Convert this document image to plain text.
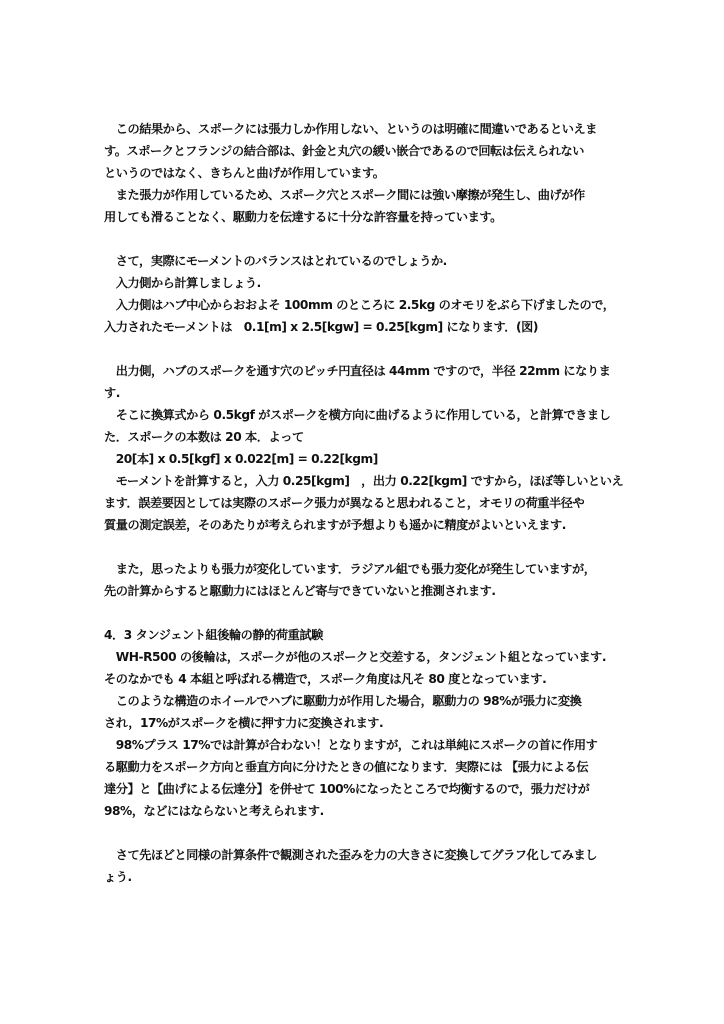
　この結果から、スポークには張力しか作用しない、というのは明確に間違いであるといえま
す。スポークとフランジの結合部は、針金と丸穴の緩い嵌合であるので回転は伝えられない
というのではなく、きちんと曲げが作用しています。
　また張力が作用しているため、スポーク穴とスポーク間には強い摩擦が発生し、曲げが作
用しても滑ることなく、駆動力を伝達するに十分な許容量を持っています。
　さて，実際にモーメントのバランスはとれているのでしょうか.
　入力側から計算しましょう.
　入力側はハブ中心からおおよそ 100mm のところに 2.5kg のオモリをぶら下げましたので，
入力されたモーメントは　0.1[m] x 2.5[kgw] = 0.25[kgm] になります．(図)
　出力側，ハブのスポークを通す穴のピッチ円直径は 44mm ですので，半径 22mm になりま
す.
　そこに換算式から 0.5kgf がスポークを横方向に曲げるように作用している，と計算できまし
た．スポークの本数は 20 本．よって
　20[本] x 0.5[kgf] x 0.022[m] = 0.22[kgm]
　モーメントを計算すると，入力 0.25[kgm]　，出力 0.22[kgm] ですから，ほぼ等しいといえ
ます．誤差要因としては実際のスポーク張力が異なると思われること，オモリの荷重半径や
質量の測定誤差，そのあたりが考えられますが予想よりも遥かに精度がよいといえます.
　また，思ったよりも張力が変化しています．ラジアル組でも張力変化が発生していますが，
先の計算からすると駆動力にはほとんど寄与できていないと推測されます.
4．3 タンジェント組後輪の静的荷重試験
　WH-R500 の後輪は，スポークが他のスポークと交差する，タンジェント組となっています.
そのなかでも 4 本組と呼ばれる構造で，スポーク角度は凡そ 80 度となっています.
　このような構造のホイールでハブに駆動力が作用した場合，駆動力の 98%が張力に変換
され，17%がスポークを横に押す力に変換されます.
　98%プラス 17%では計算が合わない！となりますが，これは単純にスポークの首に作用す
る駆動力をスポーク方向と垂直方向に分けたときの値になります．実際には 【張力による伝
達分】と【曲げによる伝達分】を併せて 100%になったところで均衡するので，張力だけが
98%，などにはならないと考えられます.
　さて先ほどと同様の計算条件で観測された歪みを力の大きさに変換してグラフ化してみまし
ょう.
